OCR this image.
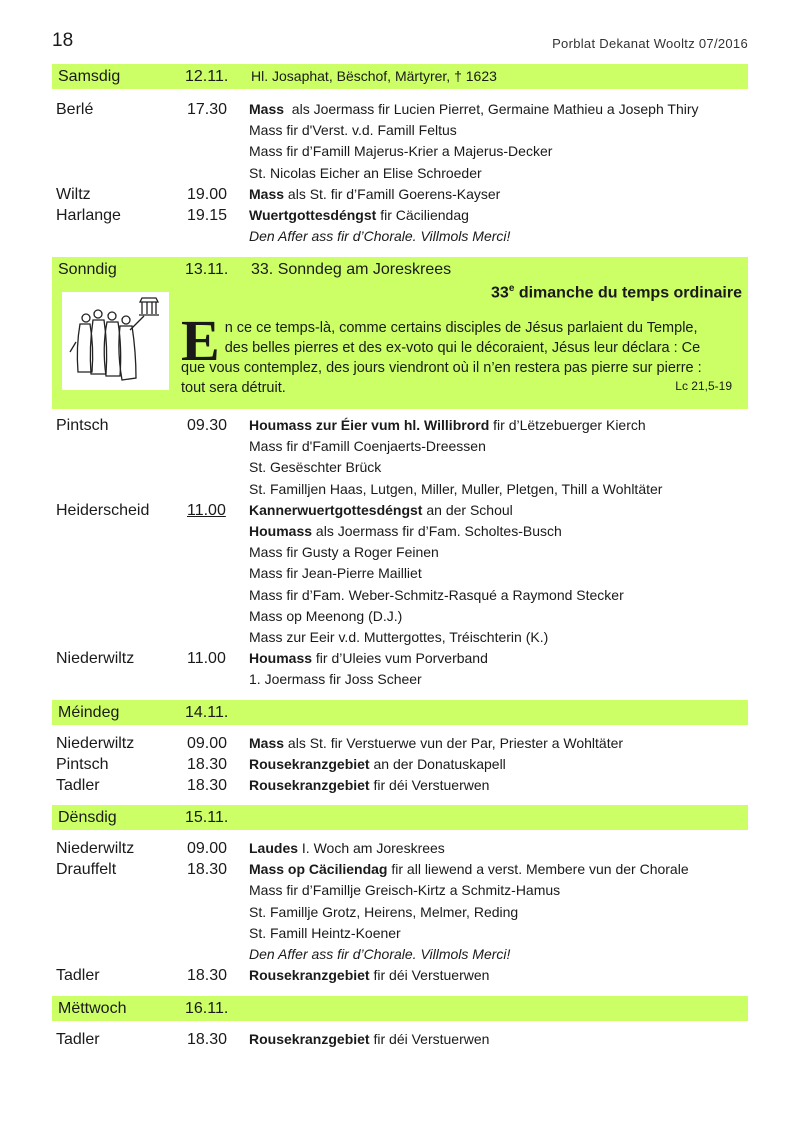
18	Porblat Dekanat Wooltz 07/2016
Samsdig	12.11. Hl. Josaphat, Bëschof, Märtyrer, † 1623
Berlé	17.30 Mass  als Joermass fir Lucien Pierret, Germaine Mathieu a Joseph Thiry
Mass fir d'Verst. v.d. Famill Feltus
Mass fir d’Famill Majerus-Krier a Majerus-Decker
St. Nicolas Eicher an Elise Schroeder
Wiltz	19.00 Mass als St. fir d’Famill Goerens-Kayser
Harlange	19.15 Wuertgottesdéngst fir Cäciliendag
Den Affer ass fir d’Chorale. Villmols Merci!
Sonndig	13.11. 33. Sonndeg am Joreskrees
33e dimanche du temps ordinaire
En ce ce temps-là, comme certains disciples de Jésus parlaient du Temple,
des belles pierres et des ex-voto qui le décoraient, Jésus leur déclara : Ce
que vous contemplez, des jours viendront où il n’en restera pas pierre sur pierre :
tout sera détruit.	Lc 21,5-19
Pintsch	09.30 Houmass zur Éier vum hl. Willibrord fir d’Lëtzebuerger Kierch
Mass fir d'Famill Coenjaerts-Dreessen
St. Gesëschter Brück
St. Familljen Haas, Lutgen, Miller, Muller, Pletgen, Thill a Wohltäter
Heiderscheid 11.00 Kannerwuertgottesdéngst an der Schoul
Houmass als Joermass fir d’Fam. Scholtes-Busch
Mass fir Gusty a Roger Feinen
Mass fir Jean-Pierre Mailliet
Mass fir d’Fam. Weber-Schmitz-Rasqué a Raymond Stecker
Mass op Meenong (D.J.)
Mass zur Eeir v.d. Muttergottes, Tréischterin (K.)
Niederwiltz	11.00 Houmass fir d’Uleies vum Porverband
1. Joermass fir Joss Scheer
Méindeg	14.11.
Niederwiltz	09.00 Mass als St. fir Verstuerwe vun der Par, Priester a Wohltäter
Pintsch	18.30 Rousekranzgebiet an der Donatuskapell
Tadler	18.30 Rousekranzgebiet fir déi Verstuerwen
Dënsdig	15.11.
Niederwiltz	09.00 Laudes I. Woch am Joreskrees
Drauffelt	18.30 Mass op Cäciliendag fir all liewend a verst. Membere vun der Chorale
Mass fir d’Famillje Greisch-Kirtz a Schmitz-Hamus
St. Famillje Grotz, Heirens, Melmer, Reding
St. Famill Heintz-Koener
Den Affer ass fir d’Chorale. Villmols Merci!
Tadler	18.30 Rousekranzgebiet fir déi Verstuerwen
Mëttwoch	16.11.
Tadler	18.30 Rousekranzgebiet fir déi Verstuerwen
